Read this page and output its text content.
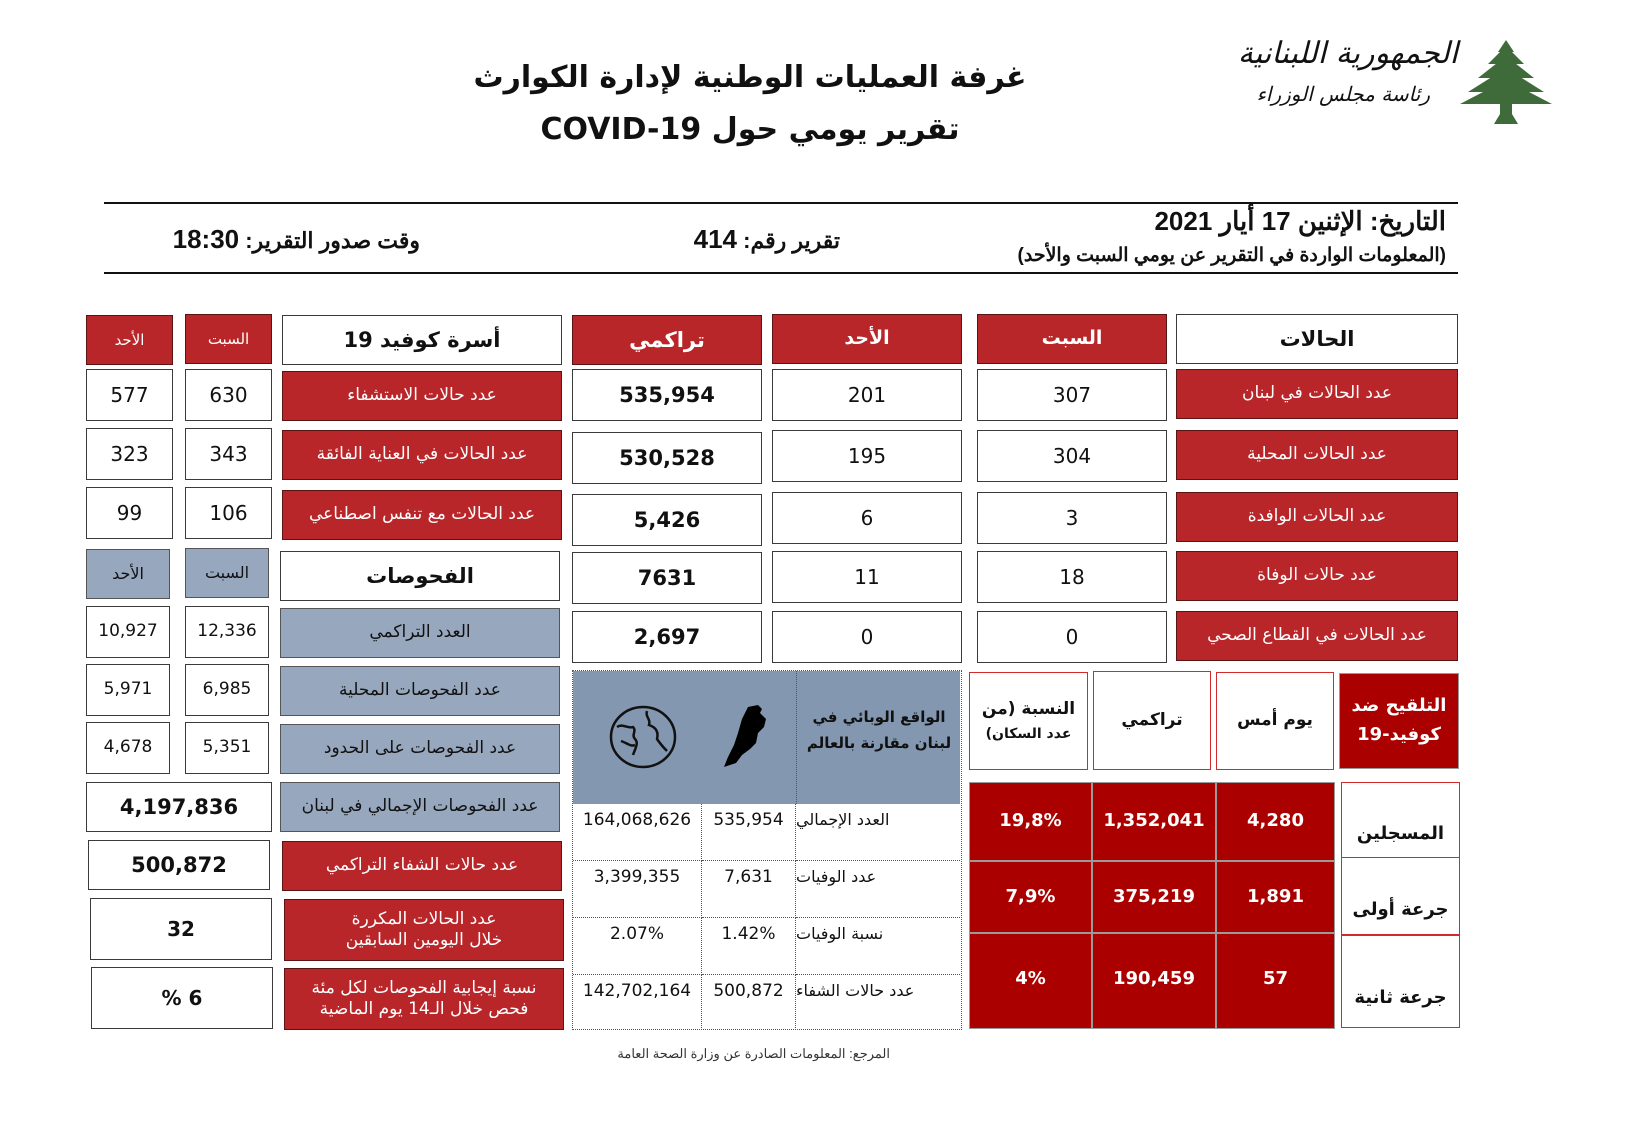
الجمهورية اللبنانية
رئاسة مجلس الوزراء
غرفة العمليات الوطنية لإدارة الكوارث
تقرير يومي حول COVID-19
التاريخ: الإثنين 17 أيار 2021
(المعلومات الواردة في التقرير عن يومي السبت والأحد)
تقرير رقم: 414
وقت صدور التقرير: 18:30
الحالات
السبت
الأحد
تراكمي
عدد الحالات في لبنان
307
201
535,954
عدد الحالات المحلية
304
195
530,528
عدد الحالات الوافدة
3
6
5,426
عدد حالات الوفاة
18
11
7631
عدد الحالات في القطاع الصحي
0
0
2,697
أسرة كوفيد 19
السبت
الأحد
عدد حالات الاستشفاء
630
577
عدد الحالات في العناية الفائقة
343
323
عدد الحالات مع تنفس اصطناعي
106
99
الفحوصات
السبت
الأحد
العدد التراكمي
12,336
10,927
عدد الفحوصات المحلية
6,985
5,971
عدد الفحوصات على الحدود
5,351
4,678
عدد الفحوصات الإجمالي في لبنان
4,197,836
عدد حالات الشفاء التراكمي
500,872
عدد الحالات المكررة
خلال اليومين السابقين
32
نسبة إيجابية الفحوصات لكل مئة
فحص خلال الـ14 يوم الماضية
% 6
الواقع الوبائي في
لبنان مقارنة بالعالم
العدد الإجمالي
535,954
164,068,626
عدد الوفيات
7,631
3,399,355
نسبة الوفيات
1.42%
2.07%
عدد حالات الشفاء
500,872
142,702,164
التلقيح ضد
كوفيد-19
يوم أمس
تراكمي
النسبة (من
عدد السكان)
المسجلين
4,280
1,352,041
19,8%
جرعة أولى
1,891
375,219
7,9%
جرعة ثانية
57
190,459
4%
المرجع: المعلومات الصادرة عن وزارة الصحة العامة
